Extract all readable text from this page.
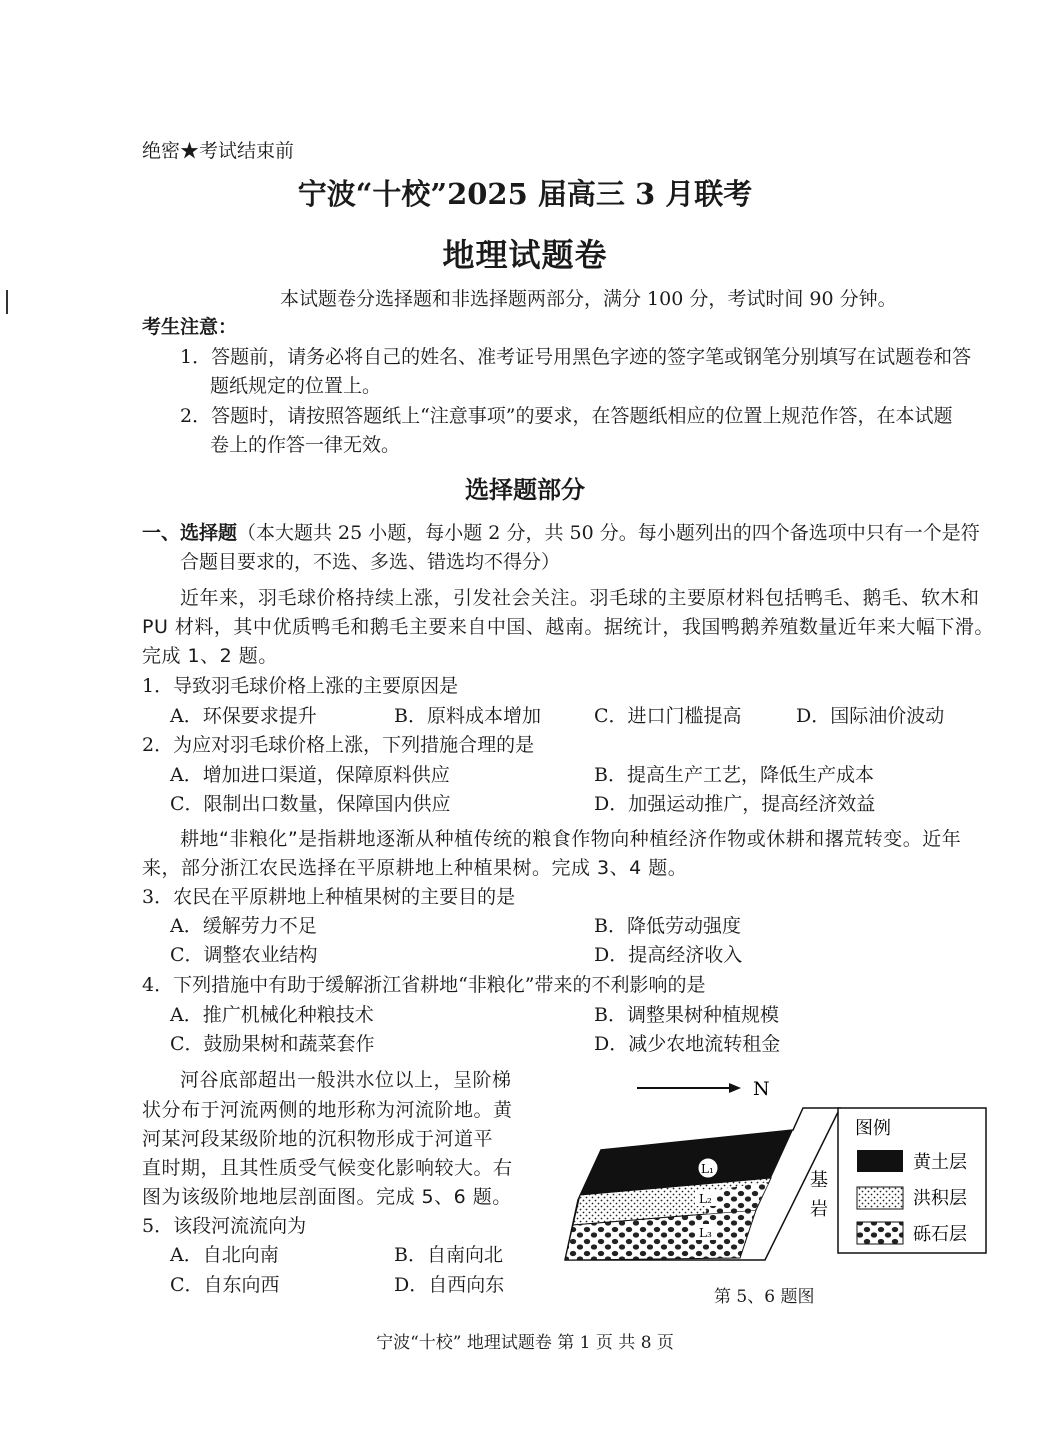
绝密★考试结束前
宁波“十校”2025 届高三 3 月联考
地理试题卷
本试题卷分选择题和非选择题两部分，满分 100 分，考试时间 90 分钟。
考生注意：
1．答题前，请务必将自己的姓名、准考证号用黑色字迹的签字笔或钢笔分别填写在试题卷和答
题纸规定的位置上。
2．答题时，请按照答题纸上“注意事项”的要求，在答题纸相应的位置上规范作答，在本试题
卷上的作答一律无效。
选择题部分
一、选择题（本大题共 25 小题，每小题 2 分，共 50 分。每小题列出的四个备选项中只有一个是符
合题目要求的，不选、多选、错选均不得分）
近年来，羽毛球价格持续上涨，引发社会关注。羽毛球的主要原材料包括鸭毛、鹅毛、软木和
PU 材料，其中优质鸭毛和鹅毛主要来自中国、越南。据统计，我国鸭鹅养殖数量近年来大幅下滑。
完成 1、2 题。
1．导致羽毛球价格上涨的主要原因是
A．环保要求提升	B．原料成本增加	C．进口门槛提高	D．国际油价波动
2．为应对羽毛球价格上涨，下列措施合理的是
A．增加进口渠道，保障原料供应	B．提高生产工艺，降低生产成本
C．限制出口数量，保障国内供应	D．加强运动推广，提高经济效益
耕地“非粮化”是指耕地逐渐从种植传统的粮食作物向种植经济作物或休耕和撂荒转变。近年
来，部分浙江农民选择在平原耕地上种植果树。完成 3、4 题。
3．农民在平原耕地上种植果树的主要目的是
A．缓解劳力不足	B．降低劳动强度
C．调整农业结构	D．提高经济收入
4．下列措施中有助于缓解浙江省耕地“非粮化”带来的不利影响的是
A．推广机械化种粮技术	B．调整果树种植规模
C．鼓励果树和蔬菜套作	D．减少农地流转租金
河谷底部超出一般洪水位以上，呈阶梯
状分布于河流两侧的地形称为河流阶地。黄
河某河段某级阶地的沉积物形成于河道平
直时期，且其性质受气候变化影响较大。右
图为该级阶地地层剖面图。完成 5、6 题。
5．该段河流流向为
A．自北向南	B．自南向北
C．自东向西	D．自西向东
N
L₁
L₂
L₃
基
岩
图例
黄土层
洪积层
砾石层
第 5、6 题图
宁波“十校” 地理试题卷 第 1 页 共 8 页
